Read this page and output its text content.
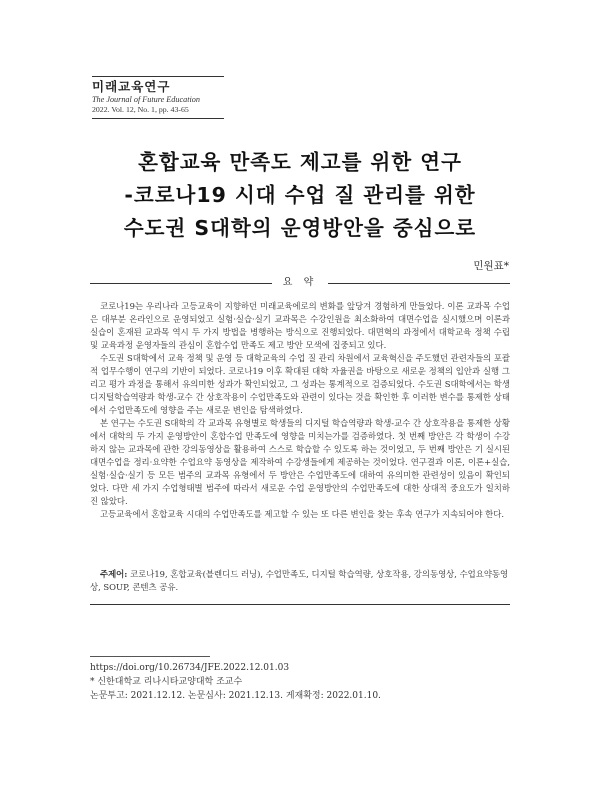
미래교육연구
The Journal of Future Education
2022. Vol. 12, No. 1, pp. 43-65
혼합교육 만족도 제고를 위한 연구
-코로나19 시대 수업 질 관리를 위한
수도권 S대학의 운영방안을 중심으로
민원표*
요 약

코로나19는 우리나라 고등교육이 지향하던 미래교육에로의 변화를 앞당겨 경험하게 만들었다. 이론 교과목 수업은 대부분 온라인으로 운영되었고 실험·실습·실기 교과목은 수강인원을 최소화하여 대면수업을 실시했으며 이론과 실습이 혼재된 교과목 역시 두 가지 방법을 병행하는 방식으로 진행되었다. 대면혁의 과정에서 대학교육 정책 수립 및 교육과정 운영자들의 관심이 혼합수업 만족도 제고 방안 모색에 집중되고 있다.

수도권 S대학에서 교육 정책 및 운영 등 대학교육의 수업 질 관리 차원에서 교육혁신을 주도했던 관련자들의 포괄적 업무수행이 연구의 기반이 되었다. 코로나19 이후 확대된 대학 자율권을 바탕으로 새로운 정책의 입안과 실행 그리고 평가 과정을 통해서 유의미한 성과가 확인되었고, 그 성과는 통계적으로 검증되었다. 수도권 S대학에서는 학생 디지털학습역량과 학생-교수 간 상호작용이 수업만족도와 관련이 있다는 것을 확인한 후 이러한 변수를 통제한 상태에서 수업만족도에 영향을 주는 새로운 변인을 탐색하였다.

본 연구는 수도권 S대학의 각 교과목 유형별로 학생들의 디지털 학습역량과 학생-교수 간 상호작용을 통제한 상황에서 대학의 두 가지 운영방안이 혼합수업 만족도에 영향을 미치는가를 검증하였다. 첫 번째 방안은 각 학생이 수강하지 않는 교과목에 관한 강의동영상을 활용하여 스스로 학습할 수 있도록 하는 것이었고, 두 번째 방안은 기 실시된 대면수업을 정리·요약한 수업요약 동영상을 제작하여 수강생들에게 제공하는 것이었다. 연구결과 이론, 이론+실습, 실험·실습·실기 등 모든 범주의 교과목 유형에서 두 방안은 수업만족도에 대하여 유의미한 관련성이 있음이 확인되었다. 다만 세 가지 수업형태별 범주에 따라서 새로운 수업 운영방안의 수업만족도에 대한 상대적 중요도가 일치하진 않았다.

고등교육에서 혼합교육 시대의 수업만족도를 제고할 수 있는 또 다른 변인을 찾는 후속 연구가 지속되어야 한다.

주제어: 코로나19, 혼합교육(블렌디드 러닝), 수업만족도, 디지털 학습역량, 상호작용, 강의동영상, 수업요약동영상, SOUP, 콘텐츠 공유.
https://doi.org/10.26734/JFE.2022.12.01.03
* 신한대학교 리나시타교양대학 조교수
논문투고: 2021.12.12. 논문심사: 2021.12.13. 게재확정: 2022.01.10.
